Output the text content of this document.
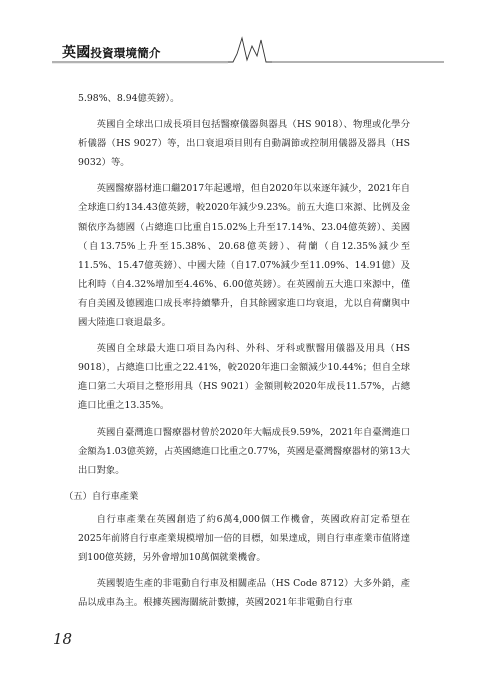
英國投資環境簡介

5.98%、8.94億英鎊）。

英國自全球出口成長項目包括醫療儀器與器具（HS 9018）、物理或化學分析儀器（HS 9027）等，出口衰退項目則有自動調節或控制用儀器及器具（HS 9032）等。

英國醫療器材進口繼2017年起遞增，但自2020年以來逐年減少，2021年自全球進口約134.43億英鎊，較2020年減少9.23%。前五大進口來源、比例及金額依序為德國（占總進口比重自15.02%上升至17.14%、23.04億英鎊）、美國（自13.75%上升至15.38%、20.68億英鎊）、荷蘭（自12.35%減少至11.5%、15.47億英鎊）、中國大陸（自17.07%減少至11.09%、14.91億）及比利時（自4.32%增加至4.46%、6.00億英鎊）。在英國前五大進口來源中，僅有自美國及德國進口成長率持續攀升，自其餘國家進口均衰退，尤以自荷蘭與中國大陸進口衰退最多。

英國自全球最大進口項目為內科、外科、牙科或獸醫用儀器及用具（HS 9018），占總進口比重之22.41%，較2020年進口金額減少10.44%；但自全球進口第二大項目之整形用具（HS 9021）金額則較2020年成長11.57%，占總進口比重之13.35%。

英國自臺灣進口醫療器材曾於2020年大幅成長9.59%，2021年自臺灣進口金額為1.03億英鎊，占英國總進口比重之0.77%，英國是臺灣醫療器材的第13大出口對象。

（五）自行車產業

自行車產業在英國創造了約6萬4,000個工作機會，英國政府訂定希望在2025年前將自行車產業規模增加一倍的目標，如果達成，則自行車產業市值將達到100億英鎊，另外會增加10萬個就業機會。

英國製造生產的非電動自行車及相關產品（HS Code 8712）大多外銷，產品以成車為主。根據英國海關統計數據，英國2021年非電動自行車

18
